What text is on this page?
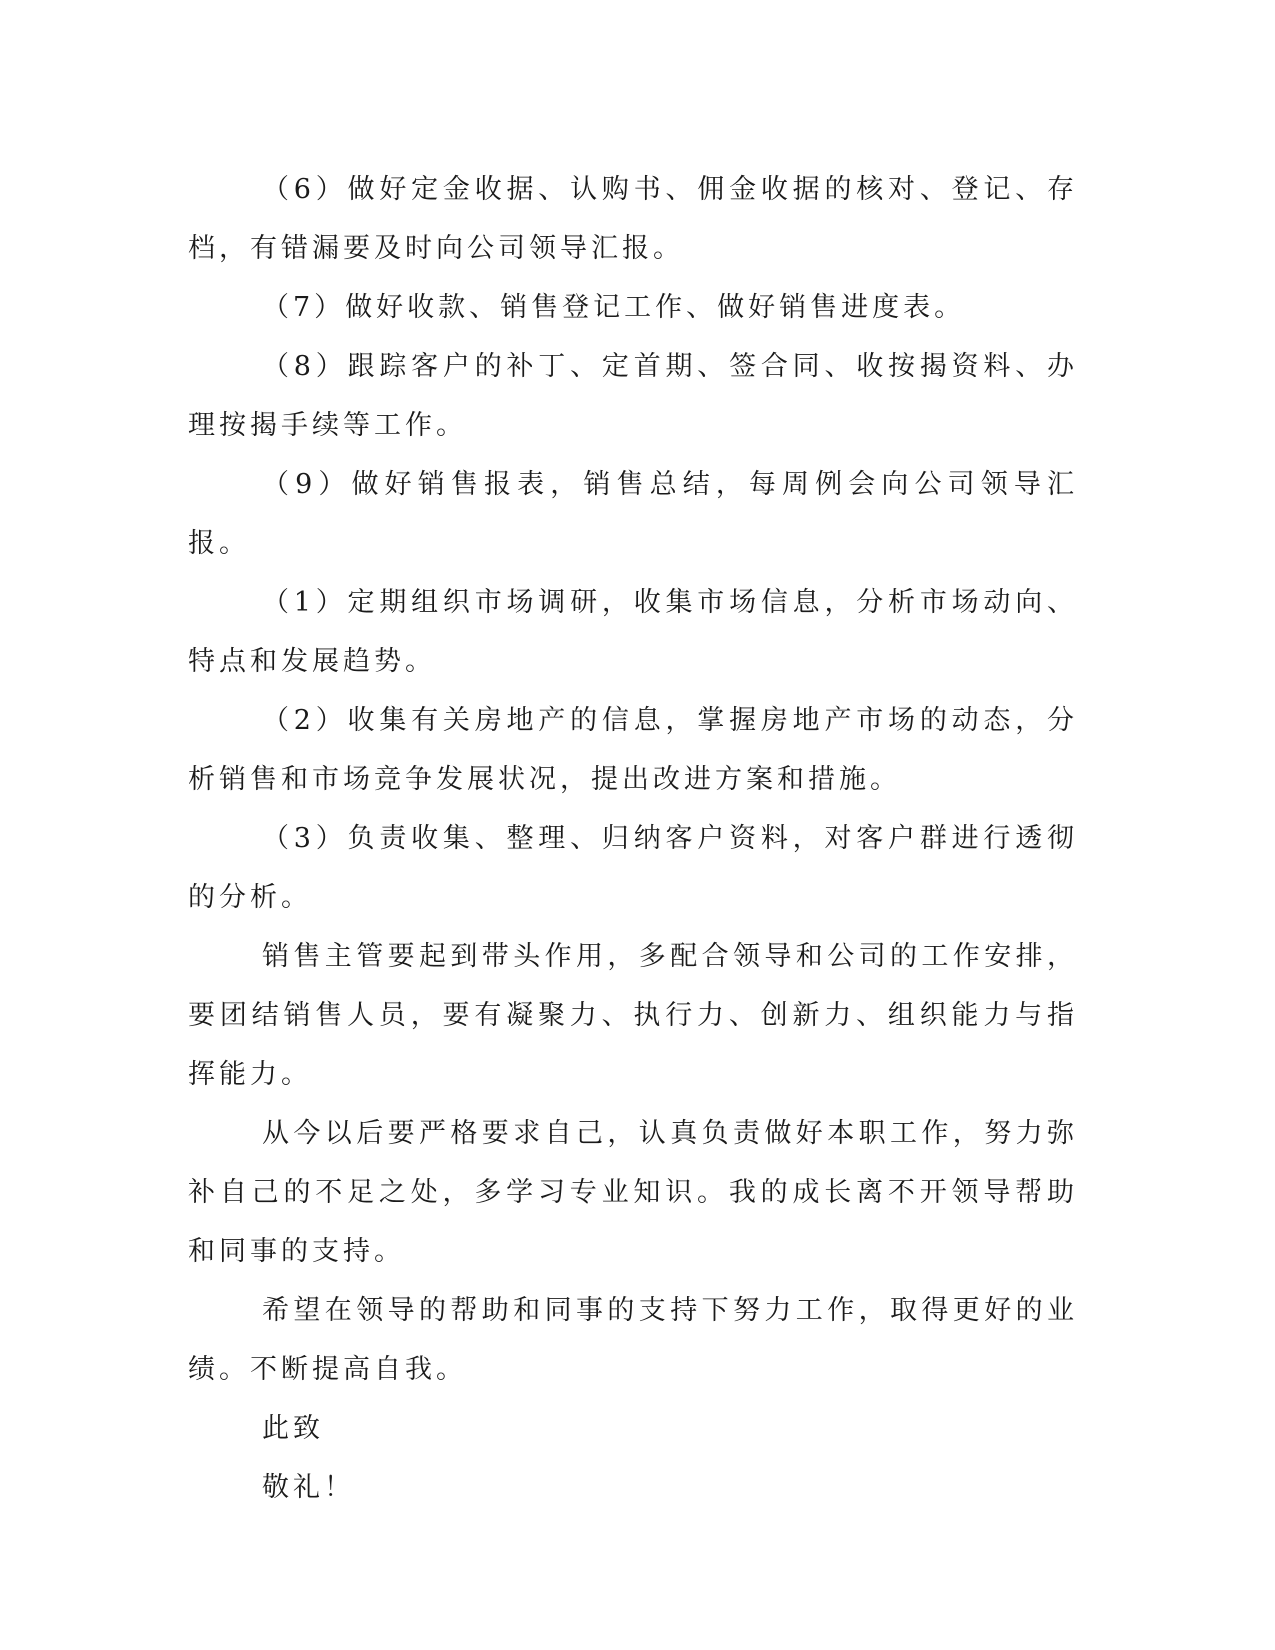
（6）做好定金收据、认购书、佣金收据的核对、登记、存档，有错漏要及时向公司领导汇报。

（7）做好收款、销售登记工作、做好销售进度表。

（8）跟踪客户的补丁、定首期、签合同、收按揭资料、办理按揭手续等工作。

（9）做好销售报表，销售总结，每周例会向公司领导汇报。

（1）定期组织市场调研，收集市场信息，分析市场动向、特点和发展趋势。

（2）收集有关房地产的信息，掌握房地产市场的动态，分析销售和市场竞争发展状况，提出改进方案和措施。

（3）负责收集、整理、归纳客户资料，对客户群进行透彻的分析。

销售主管要起到带头作用，多配合领导和公司的工作安排，要团结销售人员，要有凝聚力、执行力、创新力、组织能力与指挥能力。

从今以后要严格要求自己，认真负责做好本职工作，努力弥补自己的不足之处，多学习专业知识。我的成长离不开领导帮助和同事的支持。

希望在领导的帮助和同事的支持下努力工作，取得更好的业绩。不断提高自我。

此致

敬礼！
